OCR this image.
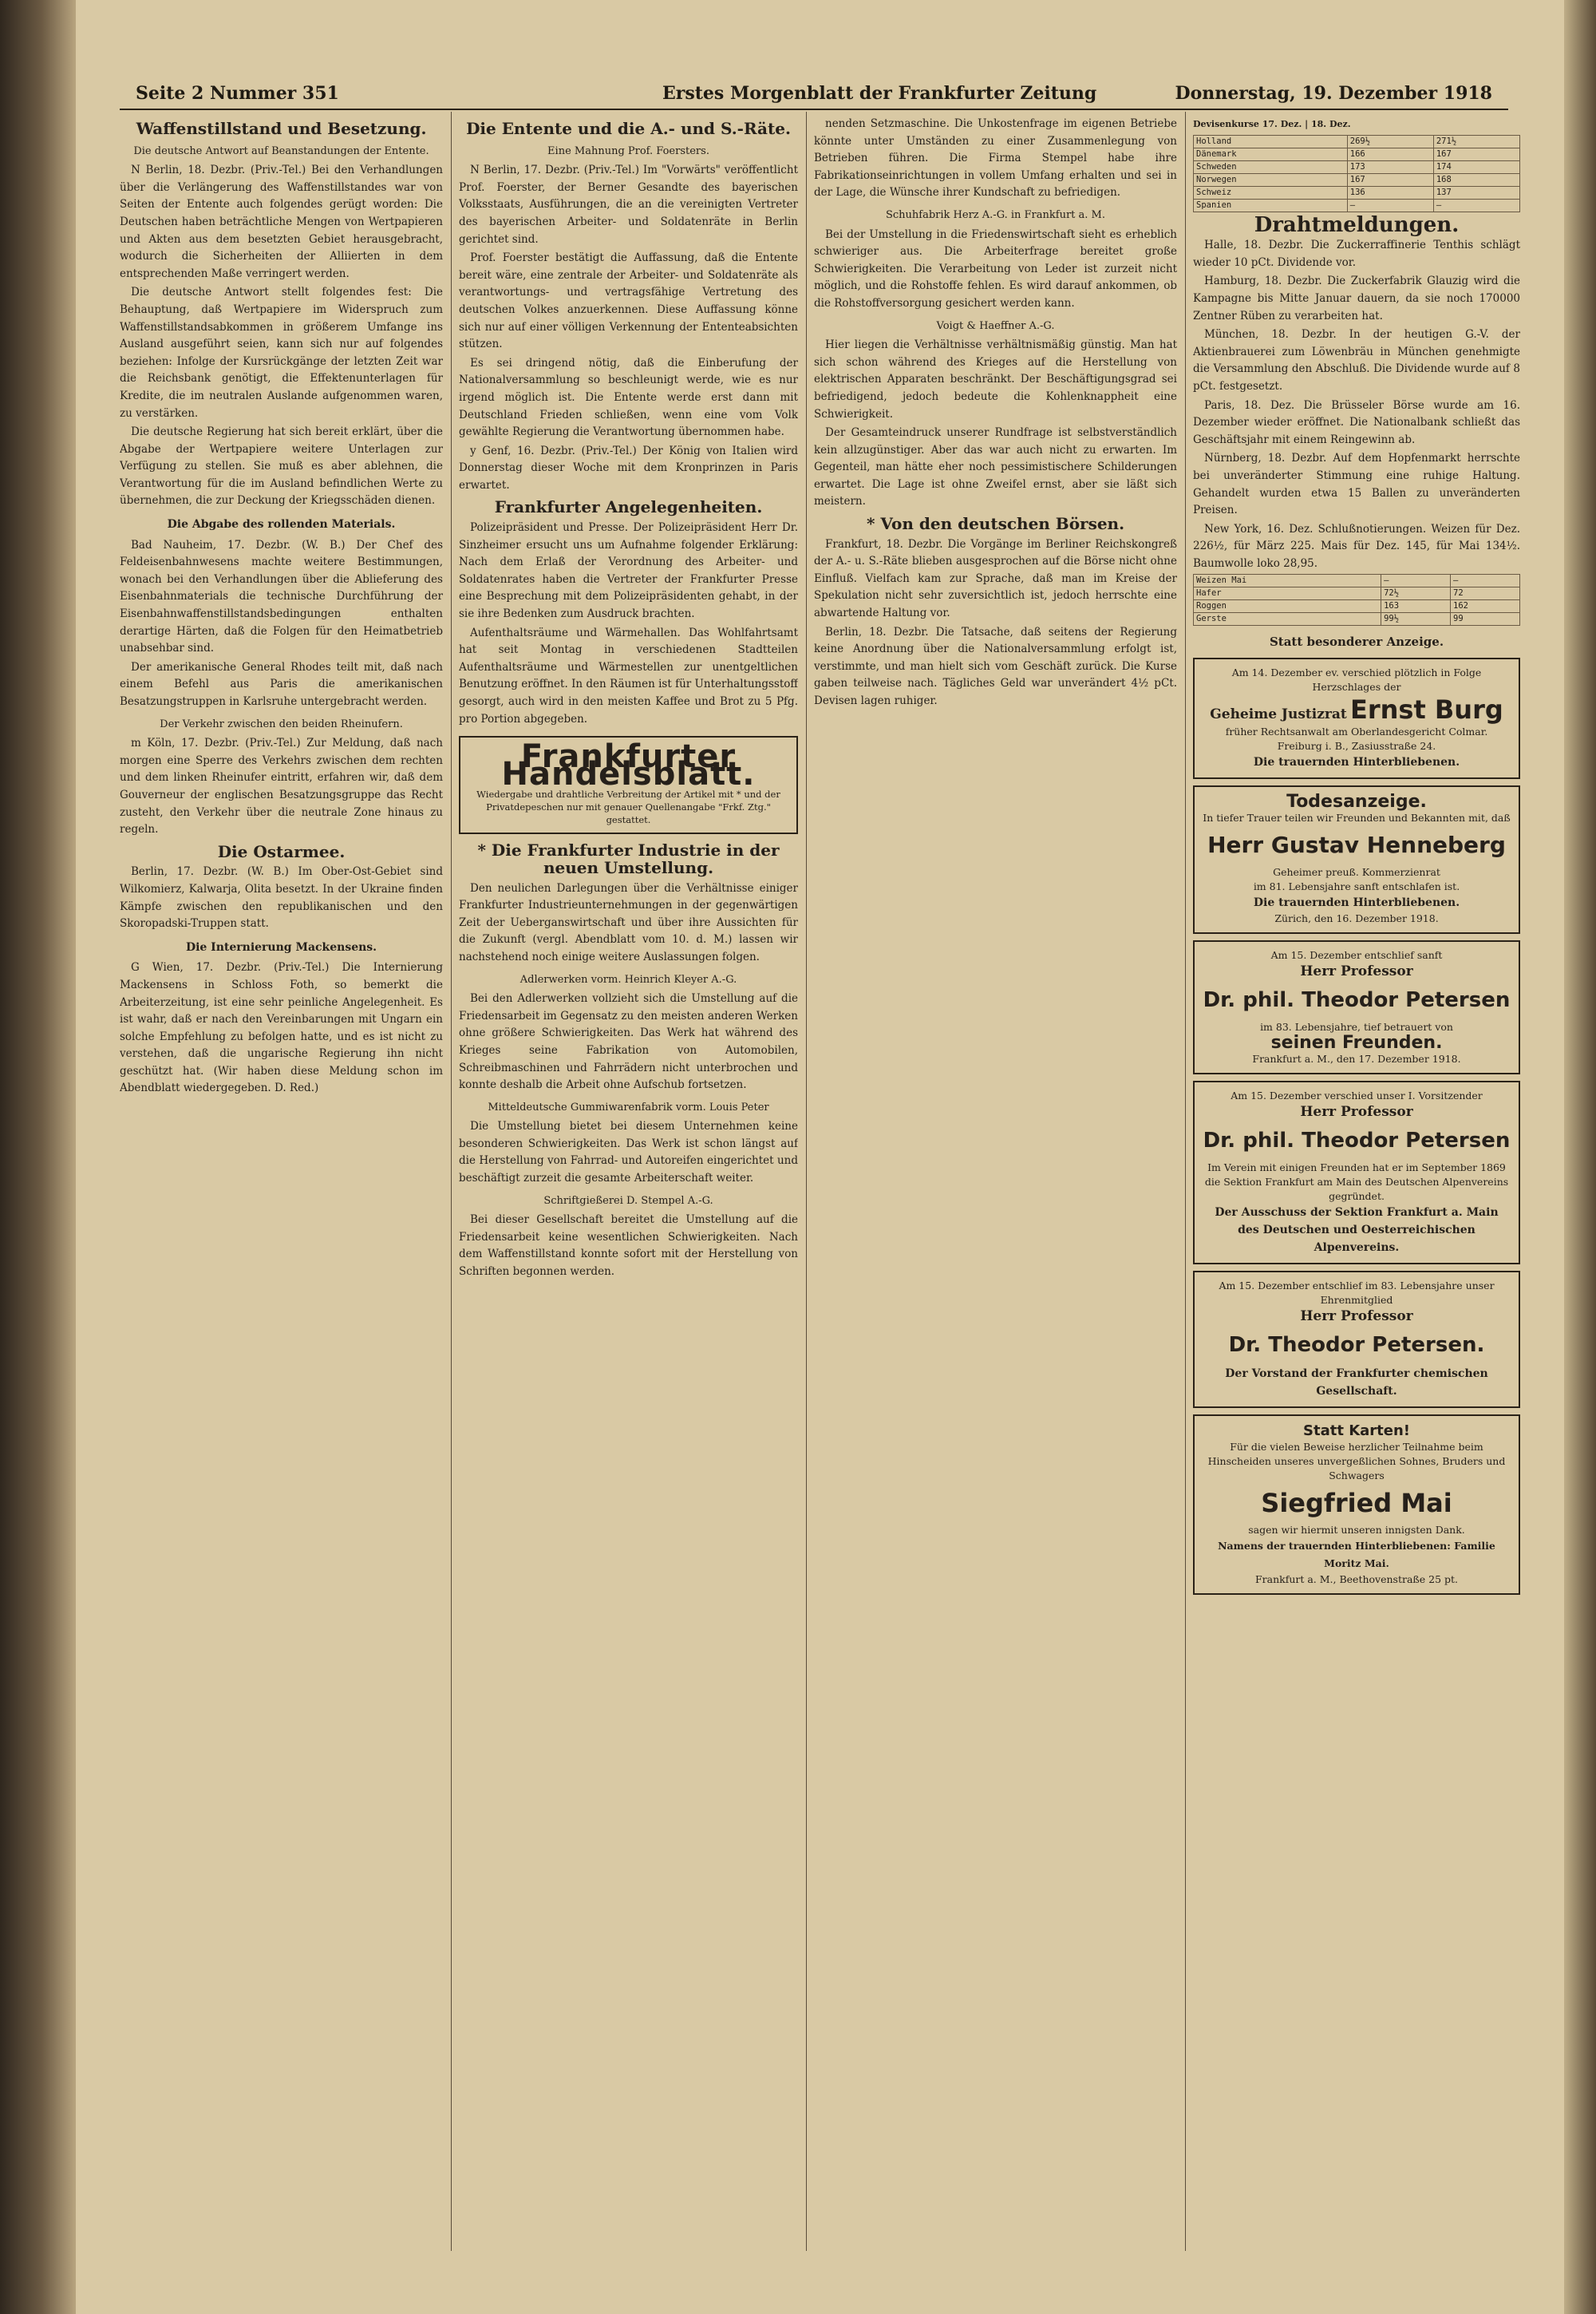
Seite 2 Nummer 351	Erstes Morgenblatt der Frankfurter Zeitung	Donnerstag, 19. Dezember 1918
Waffenstillstand und Besetzung.
Die deutsche Antwort auf Beanstandungen der Entente.

N Berlin, 18. Dezbr. (Priv.-Tel.) Bei den Verhandlungen über die Verlängerung des Waffenstillstandes war von Seiten der Entente auch folgendes gerügt worden: Die Deutschen haben beträchtliche Mengen von Wertpapieren und Akten aus dem besetzten Gebiet herausgebracht, wodurch die Sicherheiten der Alliierten in dem entsprechenden Maße verringert werden.

Die deutsche Antwort stellt folgendes fest: Die Behauptung, daß Wertpapiere im Widerspruch zum Waffenstillstandsabkommen in größerem Umfange ins Ausland ausgeführt seien, kann sich nur auf folgendes beziehen: Infolge der Kursrückgänge der letzten Zeit war die Reichsbank genötigt, die Effektenunterlagen für Kredite, die im neutralen Auslande aufgenommen waren, zu verstärken.

Die deutsche Regierung hat sich bereit erklärt, über die Abgabe der Wertpapiere weitere Unterlagen zur Verfügung zu stellen. Sie muß es aber ablehnen, die Verantwortung für die im Ausland befindlichen Werte zu übernehmen, die zur Deckung der Kriegsschäden dienen.

Die Abgabe des rollenden Materials.

Bad Nauheim, 17. Dezbr. (W. B.) Der Chef des Feldeisenbahnwesens machte weitere Bestimmungen, wonach bei den Verhandlungen über die Ablieferung des Eisenbahnmaterials die technische Durchführung der Eisenbahnwaffenstillstandsbedingungen enthalten derartige Härten, daß die Folgen für den Heimatbetrieb unabsehbar sind.

Der amerikanische General Rhodes teilt mit, daß nach einem Befehl aus Paris die amerikanischen Besatzungstruppen in Karlsruhe untergebracht werden.

Der Verkehr zwischen den beiden Rheinufern.

m Köln, 17. Dezbr. (Priv.-Tel.) Zur Meldung, daß nach morgen eine Sperre des Verkehrs zwischen dem rechten und dem linken Rheinufer eintritt, erfahren wir, daß dem Gouverneur der englischen Besatzungsgruppe das Recht zusteht, den Verkehr über die neutrale Zone hinaus zu regeln.

Die Ostarmee.

Berlin, 17. Dezbr. (W. B.) Im Ober-Ost-Gebiet sind Wilkomierz, Kalwarja, Olita besetzt. In der Ukraine finden Kämpfe zwischen den republikanischen und den Skoropadski-Truppen statt.

Die Internierung Mackensens.

G Wien, 17. Dezbr. (Priv.-Tel.) Die Internierung Mackensens in Schloss Foth, so bemerkt die Arbeiterzeitung, ist eine sehr peinliche Angelegenheit. Es ist wahr, daß er nach den Vereinbarungen mit Ungarn ein solche Empfehlung zu befolgen hatte, und es ist nicht zu verstehen, daß die ungarische Regierung ihn nicht geschützt hat. (Wir haben diese Meldung schon im Abendblatt wiedergegeben. D. Red.)

Die Entente und die A.- und S.-Räte.
Eine Mahnung Prof. Foersters.

N Berlin, 17. Dezbr. (Priv.-Tel.) Im "Vorwärts" veröffentlicht Prof. Foerster, der Berner Gesandte des bayerischen Volksstaats, Ausführungen, die an die vereinigten Vertreter des bayerischen Arbeiter- und Soldatenräte in Berlin gerichtet sind.

Prof. Foerster bestätigt die Auffassung, daß die Entente bereit wäre, eine zentrale der Arbeiter- und Soldatenräte als verantwortungs- und vertragsfähige Vertretung des deutschen Volkes anzuerkennen. Diese Auffassung könne sich nur auf einer völligen Verkennung der Ententeabsichten stützen.

Es sei dringend nötig, daß die Einberufung der Nationalversammlung so beschleunigt werde, wie es nur irgend möglich ist. Die Entente werde erst dann mit Deutschland Frieden schließen, wenn eine vom Volk gewählte Regierung die Verantwortung übernommen habe.

y Genf, 16. Dezbr. (Priv.-Tel.) Der König von Italien wird Donnerstag dieser Woche mit dem Kronprinzen in Paris erwartet.

Frankfurter Angelegenheiten.

Polizeipräsident und Presse. Der Polizeipräsident Herr Dr. Sinzheimer ersucht uns um Aufnahme folgender Erklärung: Nach dem Erlaß der Verordnung des Arbeiter- und Soldatenrates haben die Vertreter der Frankfurter Presse eine Besprechung mit dem Polizeipräsidenten gehabt, in der sie ihre Bedenken zum Ausdruck brachten.

Aufenthaltsräume und Wärmehallen. Das Wohlfahrtsamt hat seit Montag in verschiedenen Stadtteilen Aufenthaltsräume und Wärmestellen zur unentgeltlichen Benutzung eröffnet. In den Räumen ist für Unterhaltungsstoff gesorgt, auch wird in den meisten Kaffee und Brot zu 5 Pfg. pro Portion abgegeben.

Frankfurter Handelsblatt.
Wiedergabe und drahtliche Verbreitung der Artikel mit * und der Privatdepeschen nur mit genauer Quellenangabe "Frkf. Ztg." gestattet.
* Die Frankfurter Industrie in der neuen Umstellung.

Den neulichen Darlegungen über die Verhältnisse einiger Frankfurter Industrieunternehmungen in der gegenwärtigen Zeit der Ueberganswirtschaft und über ihre Aussichten für die Zukunft (vergl. Abendblatt vom 10. d. M.) lassen wir nachstehend noch einige weitere Auslassungen folgen.

Adlerwerken vorm. Heinrich Kleyer A.-G.

Bei den Adlerwerken vollzieht sich die Umstellung auf die Friedensarbeit im Gegensatz zu den meisten anderen Werken ohne größere Schwierigkeiten. Das Werk hat während des Krieges seine Fabrikation von Automobilen, Schreibmaschinen und Fahrrädern nicht unterbrochen und konnte deshalb die Arbeit ohne Aufschub fortsetzen.

Mitteldeutsche Gummiwarenfabrik vorm. Louis Peter

Die Umstellung bietet bei diesem Unternehmen keine besonderen Schwierigkeiten. Das Werk ist schon längst auf die Herstellung von Fahrrad- und Autoreifen eingerichtet und beschäftigt zurzeit die gesamte Arbeiterschaft weiter.

Schriftgießerei D. Stempel A.-G.

Bei dieser Gesellschaft bereitet die Umstellung auf die Friedensarbeit keine wesentlichen Schwierigkeiten. Nach dem Waffenstillstand konnte sofort mit der Herstellung von Schriften begonnen werden.

nenden Setzmaschine. Die Unkostenfrage im eigenen Betriebe könnte unter Umständen zu einer Zusammenlegung von Betrieben führen. Die Firma Stempel habe ihre Fabrikationseinrichtungen in vollem Umfang erhalten und sei in der Lage, die Wünsche ihrer Kundschaft zu befriedigen.

Schuhfabrik Herz A.-G. in Frankfurt a. M.

Bei der Umstellung in die Friedenswirtschaft sieht es erheblich schwieriger aus. Die Arbeiterfrage bereitet große Schwierigkeiten. Die Verarbeitung von Leder ist zurzeit nicht möglich, und die Rohstoffe fehlen. Es wird darauf ankommen, ob die Rohstoffversorgung gesichert werden kann.

Voigt & Haeffner A.-G.

Hier liegen die Verhältnisse verhältnismäßig günstig. Man hat sich schon während des Krieges auf die Herstellung von elektrischen Apparaten beschränkt. Der Beschäftigungsgrad sei befriedigend, jedoch bedeute die Kohlenknappheit eine Schwierigkeit.

Der Gesamteindruck unserer Rundfrage ist selbstverständlich kein allzugünstiger. Aber das war auch nicht zu erwarten. Im Gegenteil, man hätte eher noch pessimistischere Schilderungen erwartet. Die Lage ist ohne Zweifel ernst, aber sie läßt sich meistern.

* Von den deutschen Börsen.

Frankfurt, 18. Dezbr. Die Vorgänge im Berliner Reichskongreß der A.- u. S.-Räte blieben ausgesprochen auf die Börse nicht ohne Einfluß. Vielfach kam zur Sprache, daß man im Kreise der Spekulation nicht sehr zuversichtlich ist, jedoch herrschte eine abwartende Haltung vor.

Berlin, 18. Dezbr. Die Tatsache, daß seitens der Regierung keine Anordnung über die Nationalversammlung erfolgt ist, verstimmte, und man hielt sich vom Geschäft zurück. Die Kurse gaben teilweise nach. Tägliches Geld war unverändert 4½ pCt. Devisen lagen ruhiger.

Devisenkurse 17. Dez. | 18. Dez.
Holland	269½	271½
Dänemark	166	167
Schweden	173	174
Norwegen	167	168
Schweiz	136	137
Spanien	—	—
Drahtmeldungen.

Halle, 18. Dezbr. Die Zuckerraffinerie Tenthis schlägt wieder 10 pCt. Dividende vor.

Hamburg, 18. Dezbr. Die Zuckerfabrik Glauzig wird die Kampagne bis Mitte Januar dauern, da sie noch 170000 Zentner Rüben zu verarbeiten hat.

München, 18. Dezbr. In der heutigen G.-V. der Aktienbrauerei zum Löwenbräu in München genehmigte die Versammlung den Abschluß. Die Dividende wurde auf 8 pCt. festgesetzt.

Paris, 18. Dez. Die Brüsseler Börse wurde am 16. Dezember wieder eröffnet. Die Nationalbank schließt das Geschäftsjahr mit einem Reingewinn ab.

Nürnberg, 18. Dezbr. Auf dem Hopfenmarkt herrschte bei unveränderter Stimmung eine ruhige Haltung. Gehandelt wurden etwa 15 Ballen zu unveränderten Preisen.

New York, 16. Dez. Schlußnotierungen. Weizen für Dez. 226½, für März 225. Mais für Dez. 145, für Mai 134½. Baumwolle loko 28,95.

Weizen Mai	—	—
Hafer	72½	72
Roggen	163	162
Gerste	99½	99
Statt besonderer Anzeige.
Am 14. Dezember ev. verschied plötzlich in Folge Herzschlages der
Geheime Justizrat Ernst Burg
früher Rechtsanwalt am Oberlandesgericht Colmar.
Freiburg i. B., Zasiusstraße 24.
Die trauernden Hinterbliebenen.
Todesanzeige.
In tiefer Trauer teilen wir Freunden und Bekannten mit, daß
Herr Gustav Henneberg
Geheimer preuß. Kommerzienrat
im 81. Lebensjahre sanft entschlafen ist.
Die trauernden Hinterbliebenen.
Zürich, den 16. Dezember 1918.
Am 15. Dezember entschlief sanft
Herr Professor
Dr. phil. Theodor Petersen
im 83. Lebensjahre, tief betrauert von
seinen Freunden.
Frankfurt a. M., den 17. Dezember 1918.
Am 15. Dezember verschied unser I. Vorsitzender
Herr Professor
Dr. phil. Theodor Petersen
Im Verein mit einigen Freunden hat er im September 1869 die Sektion Frankfurt am Main des Deutschen Alpenvereins gegründet.
Der Ausschuss der Sektion Frankfurt a. Main des Deutschen und Oesterreichischen Alpenvereins.
Am 15. Dezember entschlief im 83. Lebensjahre unser Ehrenmitglied
Herr Professor
Dr. Theodor Petersen.
Der Vorstand der Frankfurter chemischen Gesellschaft.
Statt Karten!
Für die vielen Beweise herzlicher Teilnahme beim Hinscheiden unseres unvergeßlichen Sohnes, Bruders und Schwagers
Siegfried Mai
sagen wir hiermit unseren innigsten Dank.
Namens der trauernden Hinterbliebenen: Familie Moritz Mai.
Frankfurt a. M., Beethovenstraße 25 pt.
